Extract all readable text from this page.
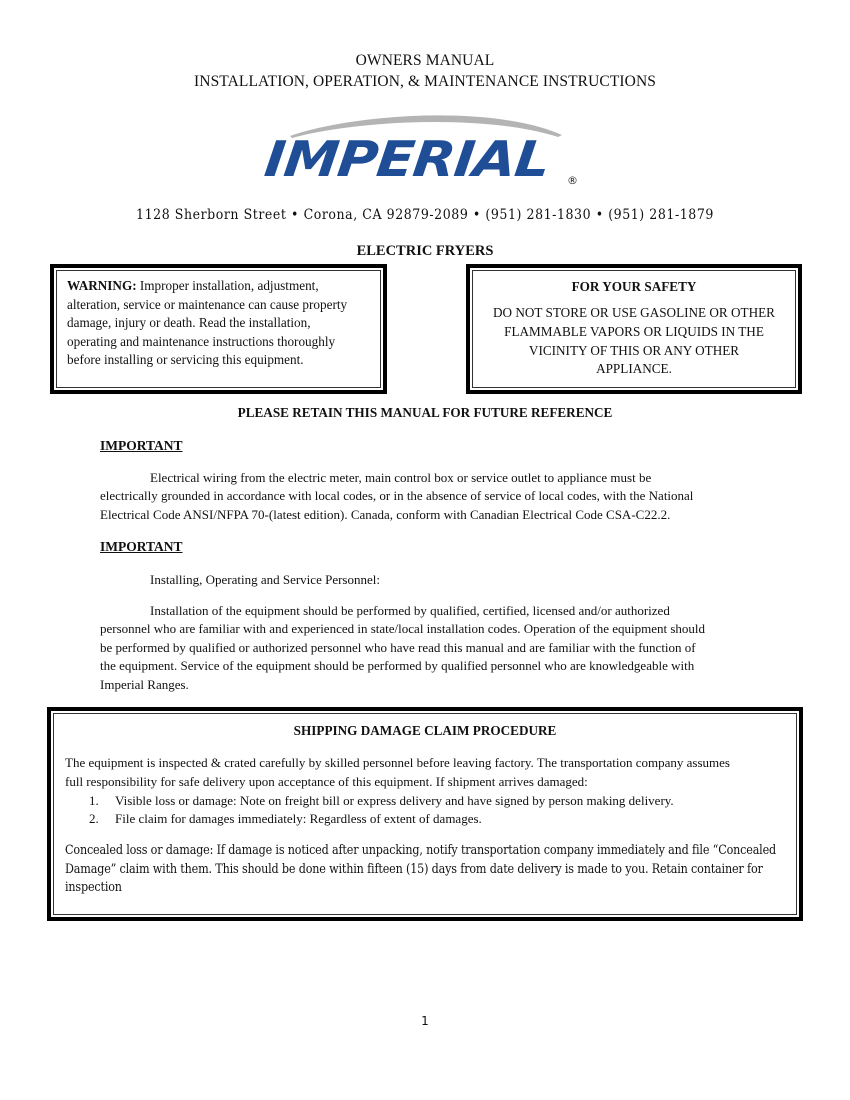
OWNERS MANUAL
INSTALLATION, OPERATION, & MAINTENANCE INSTRUCTIONS
IMPERIAL ®
1128 Sherborn Street • Corona, CA 92879-2089 • (951) 281-1830 • (951) 281-1879
ELECTRIC FRYERS
WARNING: Improper installation, adjustment,
alteration, service or maintenance can cause property
damage, injury or death. Read the installation,
operating and maintenance instructions thoroughly
before installing or servicing this equipment.
FOR YOUR SAFETY
DO NOT STORE OR USE GASOLINE OR OTHER
FLAMMABLE VAPORS OR LIQUIDS IN THE
VICINITY OF THIS OR ANY OTHER
APPLIANCE.
PLEASE RETAIN THIS MANUAL FOR FUTURE REFERENCE
IMPORTANT
Electrical wiring from the electric meter, main control box or service outlet to appliance must be
electrically grounded in accordance with local codes, or in the absence of service of local codes, with the National
Electrical Code ANSI/NFPA 70-(latest edition). Canada, conform with Canadian Electrical Code CSA-C22.2.
IMPORTANT
Installing, Operating and Service Personnel:
Installation of the equipment should be performed by qualified, certified, licensed and/or authorized
personnel who are familiar with and experienced in state/local installation codes. Operation of the equipment should
be performed by qualified or authorized personnel who have read this manual and are familiar with the function of
the equipment. Service of the equipment should be performed by qualified personnel who are knowledgeable with
Imperial Ranges.
SHIPPING DAMAGE CLAIM PROCEDURE
The equipment is inspected & crated carefully by skilled personnel before leaving factory. The transportation company assumes
full responsibility for safe delivery upon acceptance of this equipment. If shipment arrives damaged:
1. Visible loss or damage: Note on freight bill or express delivery and have signed by person making delivery.
2. File claim for damages immediately: Regardless of extent of damages.
Concealed loss or damage: If damage is noticed after unpacking, notify transportation company immediately and file “Concealed
Damage” claim with them. This should be done within fifteen (15) days from date delivery is made to you. Retain container for
inspection
1
